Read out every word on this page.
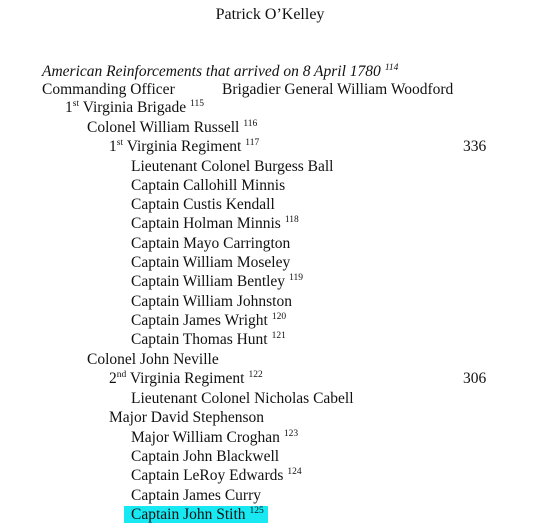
Patrick O’Kelley
American Reinforcements that arrived on 8 April 1780 $^{114}$
Commanding Officer	Brigadier General William Woodford
1st Virginia Brigade $^{115}$
Colonel William Russell $^{116}$
1st Virginia Regiment $^{117}$	336
Lieutenant Colonel Burgess Ball
Captain Callohill Minnis
Captain Custis Kendall
Captain Holman Minnis $^{118}$
Captain Mayo Carrington
Captain William Moseley
Captain William Bentley $^{119}$
Captain William Johnston
Captain James Wright $^{120}$
Captain Thomas Hunt $^{121}$
Colonel John Neville
2nd Virginia Regiment $^{122}$	306
Lieutenant Colonel Nicholas Cabell
Major David Stephenson
Major William Croghan $^{123}$
Captain John Blackwell
Captain LeRoy Edwards $^{124}$
Captain James Curry
Captain John Stith $^{125}$
